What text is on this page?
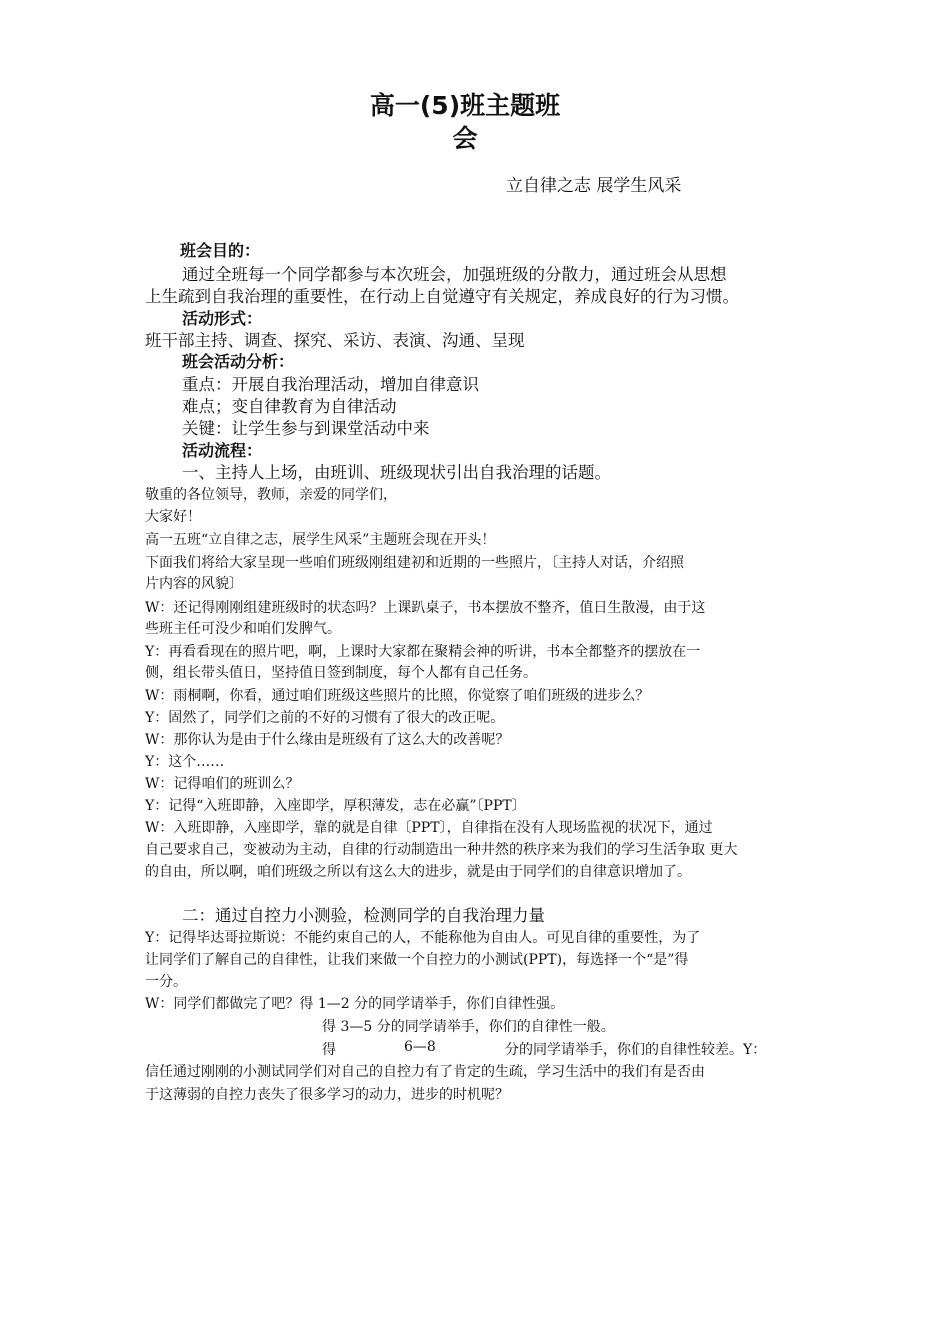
高一(5)班主题班
会
立自律之志 展学生风采
班会目的：
通过全班每一个同学都参与本次班会，加强班级的分散力，通过班会从思想
上生疏到自我治理的重要性，在行动上自觉遵守有关规定，养成良好的行为习惯。
活动形式：
班干部主持、调查、探究、采访、表演、沟通、呈现
班会活动分析：
重点：开展自我治理活动，增加自律意识
难点；变自律教育为自律活动
关键：让学生参与到课堂活动中来
活动流程：
一、主持人上场，由班训、班级现状引出自我治理的话题。
敬重的各位领导，教师，亲爱的同学们，
大家好！
高一五班“立自律之志，展学生风采”主题班会现在开头！
下面我们将给大家呈现一些咱们班级刚组建初和近期的一些照片，〔主持人对话，介绍照
片内容的风貌〕
W：还记得刚刚组建班级时的状态吗？上课趴桌子，书本摆放不整齐，值日生散漫，由于这
些班主任可没少和咱们发脾气。
Y：再看看现在的照片吧，啊，上课时大家都在聚精会神的听讲，书本全都整齐的摆放在一
侧，组长带头值日，坚持值日签到制度，每个人都有自己任务。
W：雨桐啊，你看，通过咱们班级这些照片的比照，你觉察了咱们班级的进步么？
Y：固然了，同学们之前的不好的习惯有了很大的改正呢。
W：那你认为是由于什么缘由是班级有了这么大的改善呢？
Y：这个……
W：记得咱们的班训么？
Y：记得“入班即静，入座即学，厚积薄发，志在必赢”〔PPT〕
W：入班即静，入座即学，靠的就是自律〔PPT〕，自律指在没有人现场监视的状况下，通过
自己要求自己，变被动为主动，自律的行动制造出一种井然的秩序来为我们的学习生活争取 更大
的自由，所以啊，咱们班级之所以有这么大的进步，就是由于同学们的自律意识增加了。
二：通过自控力小测验，检测同学的自我治理力量
Y：记得毕达哥拉斯说：不能约束自己的人，不能称他为自由人。可见自律的重要性，为了
让同学们了解自己的自律性，让我们来做一个自控力的小测试(PPT)，每选择一个“是”得
一分。
W：同学们都做完了吧？得 1—2 分的同学请举手，你们自律性强。
得 3—5 分的同学请举手，你们的自律性一般。
得	6—8	分的同学请举手，你们的自律性较差。Y：
信任通过刚刚的小测试同学们对自己的自控力有了肯定的生疏，学习生活中的我们有是否由
于这薄弱的自控力丧失了很多学习的动力，进步的时机呢？
